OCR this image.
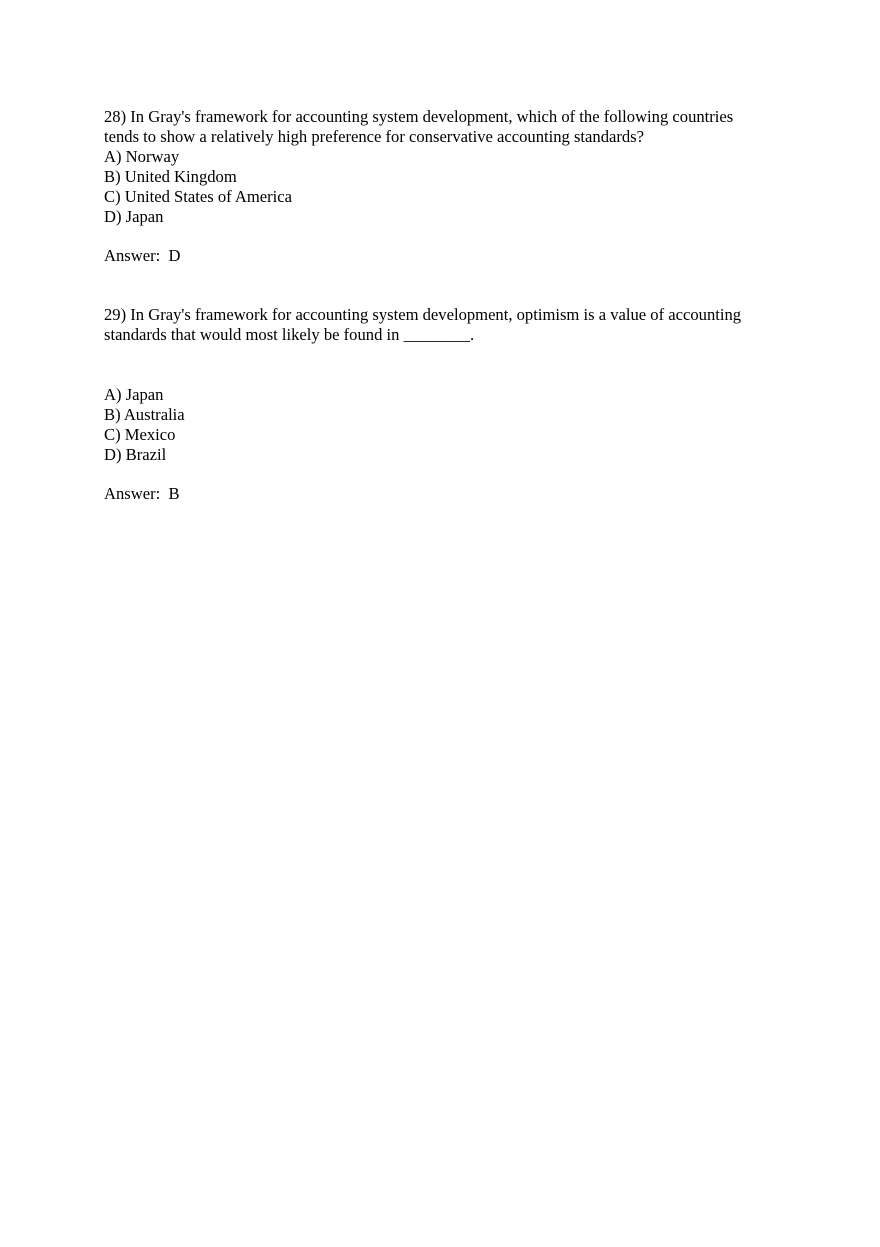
28) In Gray's framework for accounting system development, which of the following countries
tends to show a relatively high preference for conservative accounting standards?
A) Norway
B) United Kingdom
C) United States of America
D) Japan
Answer:  D
29) In Gray's framework for accounting system development, optimism is a value of accounting
standards that would most likely be found in ________.
A) Japan
B) Australia
C) Mexico
D) Brazil
Answer:  B
